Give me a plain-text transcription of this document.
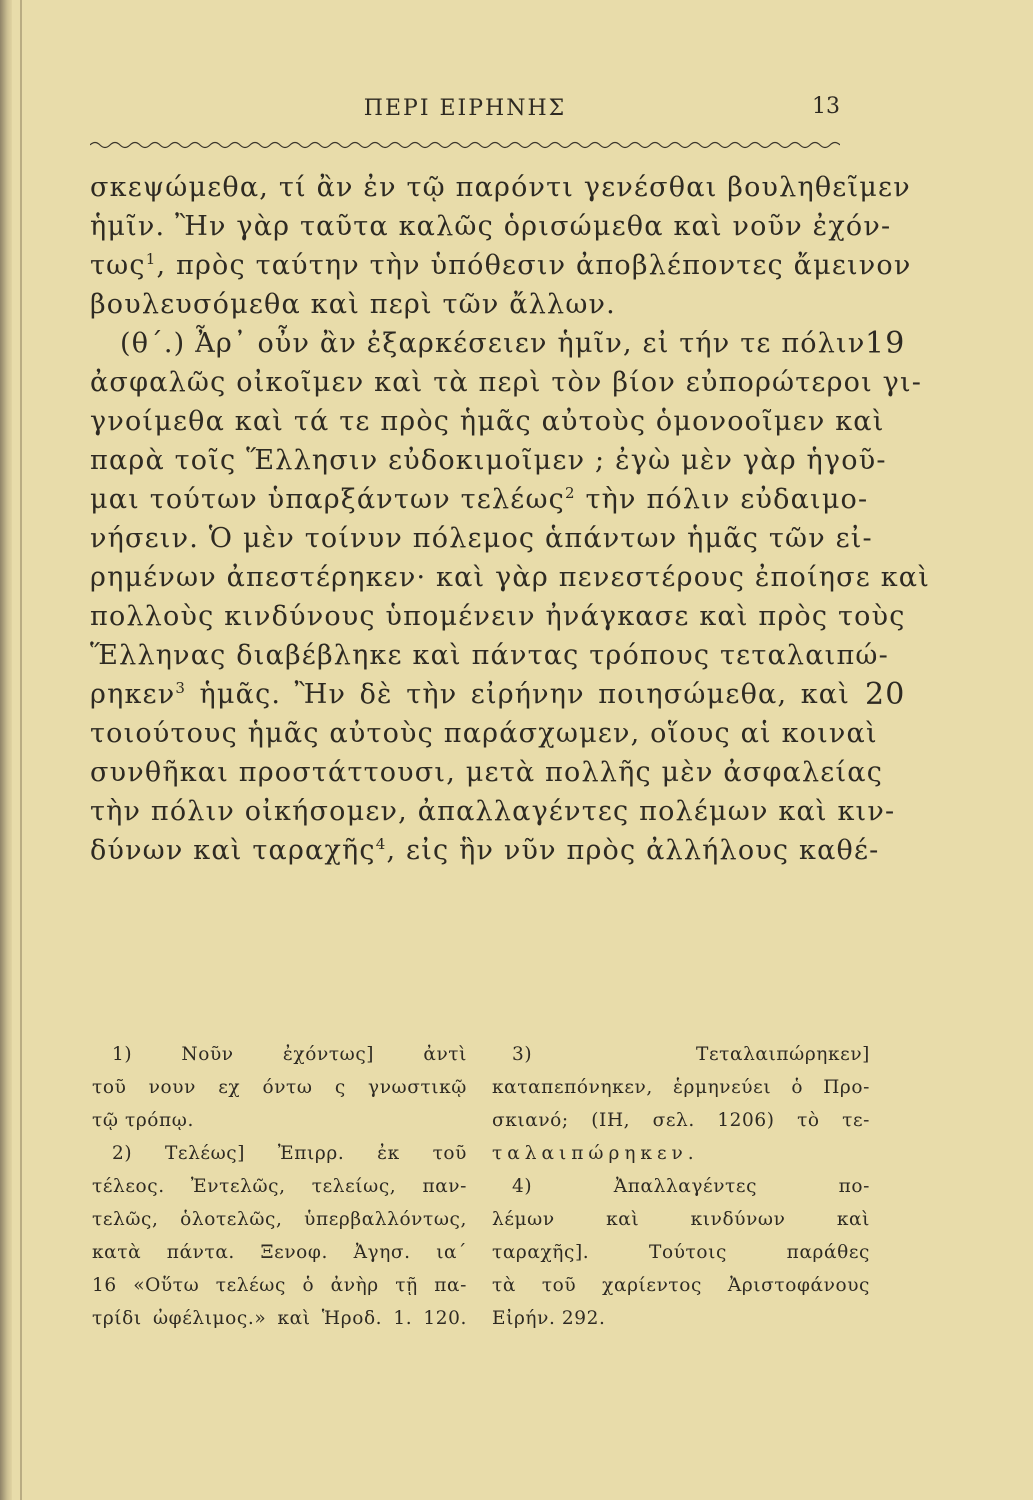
ΠΕΡΙ ΕΙΡΗΝΗΣ	13
σκεψώμεθα, τί ἂν ἐν τῷ παρόντι γενέσθαι βουληθεῖμεν
ἡμῖν. Ἢν γὰρ ταῦτα καλῶς ὁρισώμεθα καὶ νοῦν ἐχόν-
τως$^1$, πρὸς ταύτην τὴν ὑπόθεσιν ἀποβλέποντες ἄμεινον
βουλευσόμεθα καὶ περὶ τῶν ἄλλων.
(θ΄.) Ἆρ᾿ οὖν ἂν ἐξαρκέσειεν ἡμῖν, εἰ τήν τε πόλιν 19
ἀσφαλῶς οἰκοῖμεν καὶ τὰ περὶ τὸν βίον εὐπορώτεροι γι-
γνοίμεθα καὶ τά τε πρὸς ἡμᾶς αὐτοὺς ὁμονοοῖμεν καὶ
παρὰ τοῖς Ἕλλησιν εὐδοκιμοῖμεν ; ἐγὼ μὲν γὰρ ἡγοῦ-
μαι τούτων ὑπαρξάντων τελέως$^2$ τὴν πόλιν εὐδαιμο-
νήσειν. Ὁ μὲν τοίνυν πόλεμος ἁπάντων ἡμᾶς τῶν εἰ-
ρημένων ἀπεστέρηκεν· καὶ γὰρ πενεστέρους ἐποίησε καὶ
πολλοὺς κινδύνους ὑπομένειν ἠνάγκασε καὶ πρὸς τοὺς
Ἕλληνας διαβέβληκε καὶ πάντας τρόπους τεταλαιπώ-
ρηκεν$^3$ ἡμᾶς. Ἢν δὲ τὴν εἰρήνην ποιησώμεθα, καὶ 20
τοιούτους ἡμᾶς αὐτοὺς παράσχωμεν, οἵους αἱ κοιναὶ
συνθῆκαι προστάττουσι, μετὰ πολλῆς μὲν ἀσφαλείας
τὴν πόλιν οἰκήσομεν, ἀπαλλαγέντες πολέμων καὶ κιν-
δύνων καὶ ταραχῆς$^4$, εἰς ἣν νῦν πρὸς ἀλλήλους καθέ-
1) Νοῦν ἐχόντως] ἀντὶ
τοῦ νουν εχ όντω ς γνωστικῷ
τῷ τρόπῳ.
2) Τελέως] Ἐπιρρ. ἐκ τοῦ
τέλεος. Ἐντελῶς, τελείως, παν-
τελῶς, ὁλοτελῶς, ὑπερβαλλόντως,
κατὰ πάντα. Ξενοφ. Ἀγησ. ια΄
16 «Οὕτω τελέως ὁ ἀνὴρ τῇ πα-
τρίδι ὠφέλιμος.» καὶ Ἡροδ. 1. 120.
3) Τεταλαιπώρηκεν]
καταπεπόνηκεν, ἑρμηνεύει ὁ Προ-
σκιανό; (ΙΗ, σελ. 1206) τὸ τε-
ταλαιπώρηκεν.
4) Ἀπαλλαγέντες πο-
λέμων καὶ κινδύνων καὶ
ταραχῆς]. Τούτοις παράθες
τὰ τοῦ χαρίεντος Ἀριστοφάνους
Εἰρήν. 292.
